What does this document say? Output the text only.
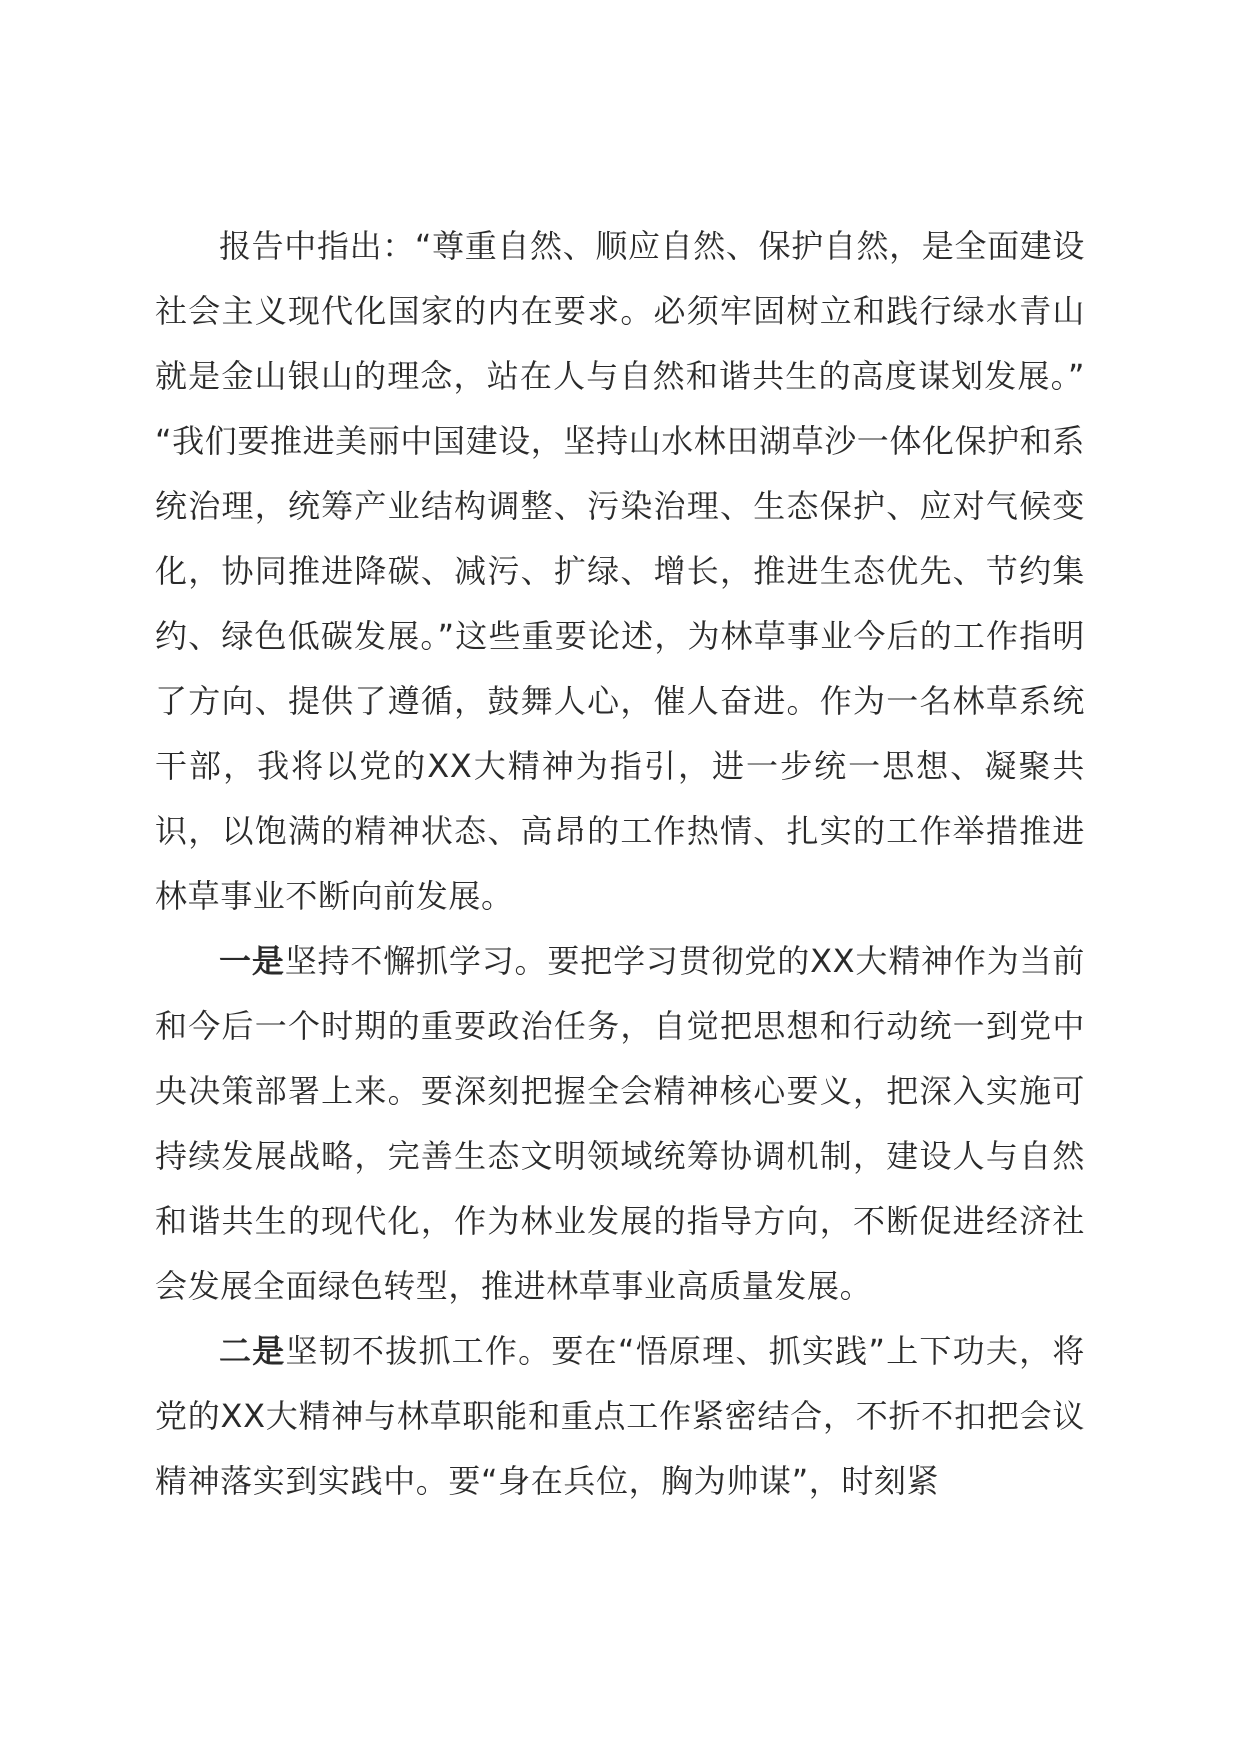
报告中指出：“尊重自然、顺应自然、保护自然，是全面建设社会主义现代化国家的内在要求。必须牢固树立和践行绿水青山就是金山银山的理念，站在人与自然和谐共生的高度谋划发展。” “我们要推进美丽中国建设，坚持山水林田湖草沙一体化保护和系统治理，统筹产业结构调整、污染治理、生态保护、应对气候变化，协同推进降碳、减污、扩绿、增长，推进生态优先、节约集约、绿色低碳发展。”这些重要论述，为林草事业今后的工作指明了方向、提供了遵循，鼓舞人心，催人奋进。作为一名林草系统干部，我将以党的XX大精神为指引，进一步统一思想、凝聚共识，以饱满的精神状态、高昂的工作热情、扎实的工作举措推进林草事业不断向前发展。

一是坚持不懈抓学习。要把学习贯彻党的XX大精神作为当前和今后一个时期的重要政治任务，自觉把思想和行动统一到党中央决策部署上来。要深刻把握全会精神核心要义，把深入实施可持续发展战略，完善生态文明领域统筹协调机制，建设人与自然和谐共生的现代化，作为林业发展的指导方向，不断促进经济社会发展全面绿色转型，推进林草事业高质量发展。

二是坚韧不拔抓工作。要在“悟原理、抓实践”上下功夫，将党的XX大精神与林草职能和重点工作紧密结合，不折不扣把会议精神落实到实践中。要“身在兵位，胸为帅谋”，时刻紧
